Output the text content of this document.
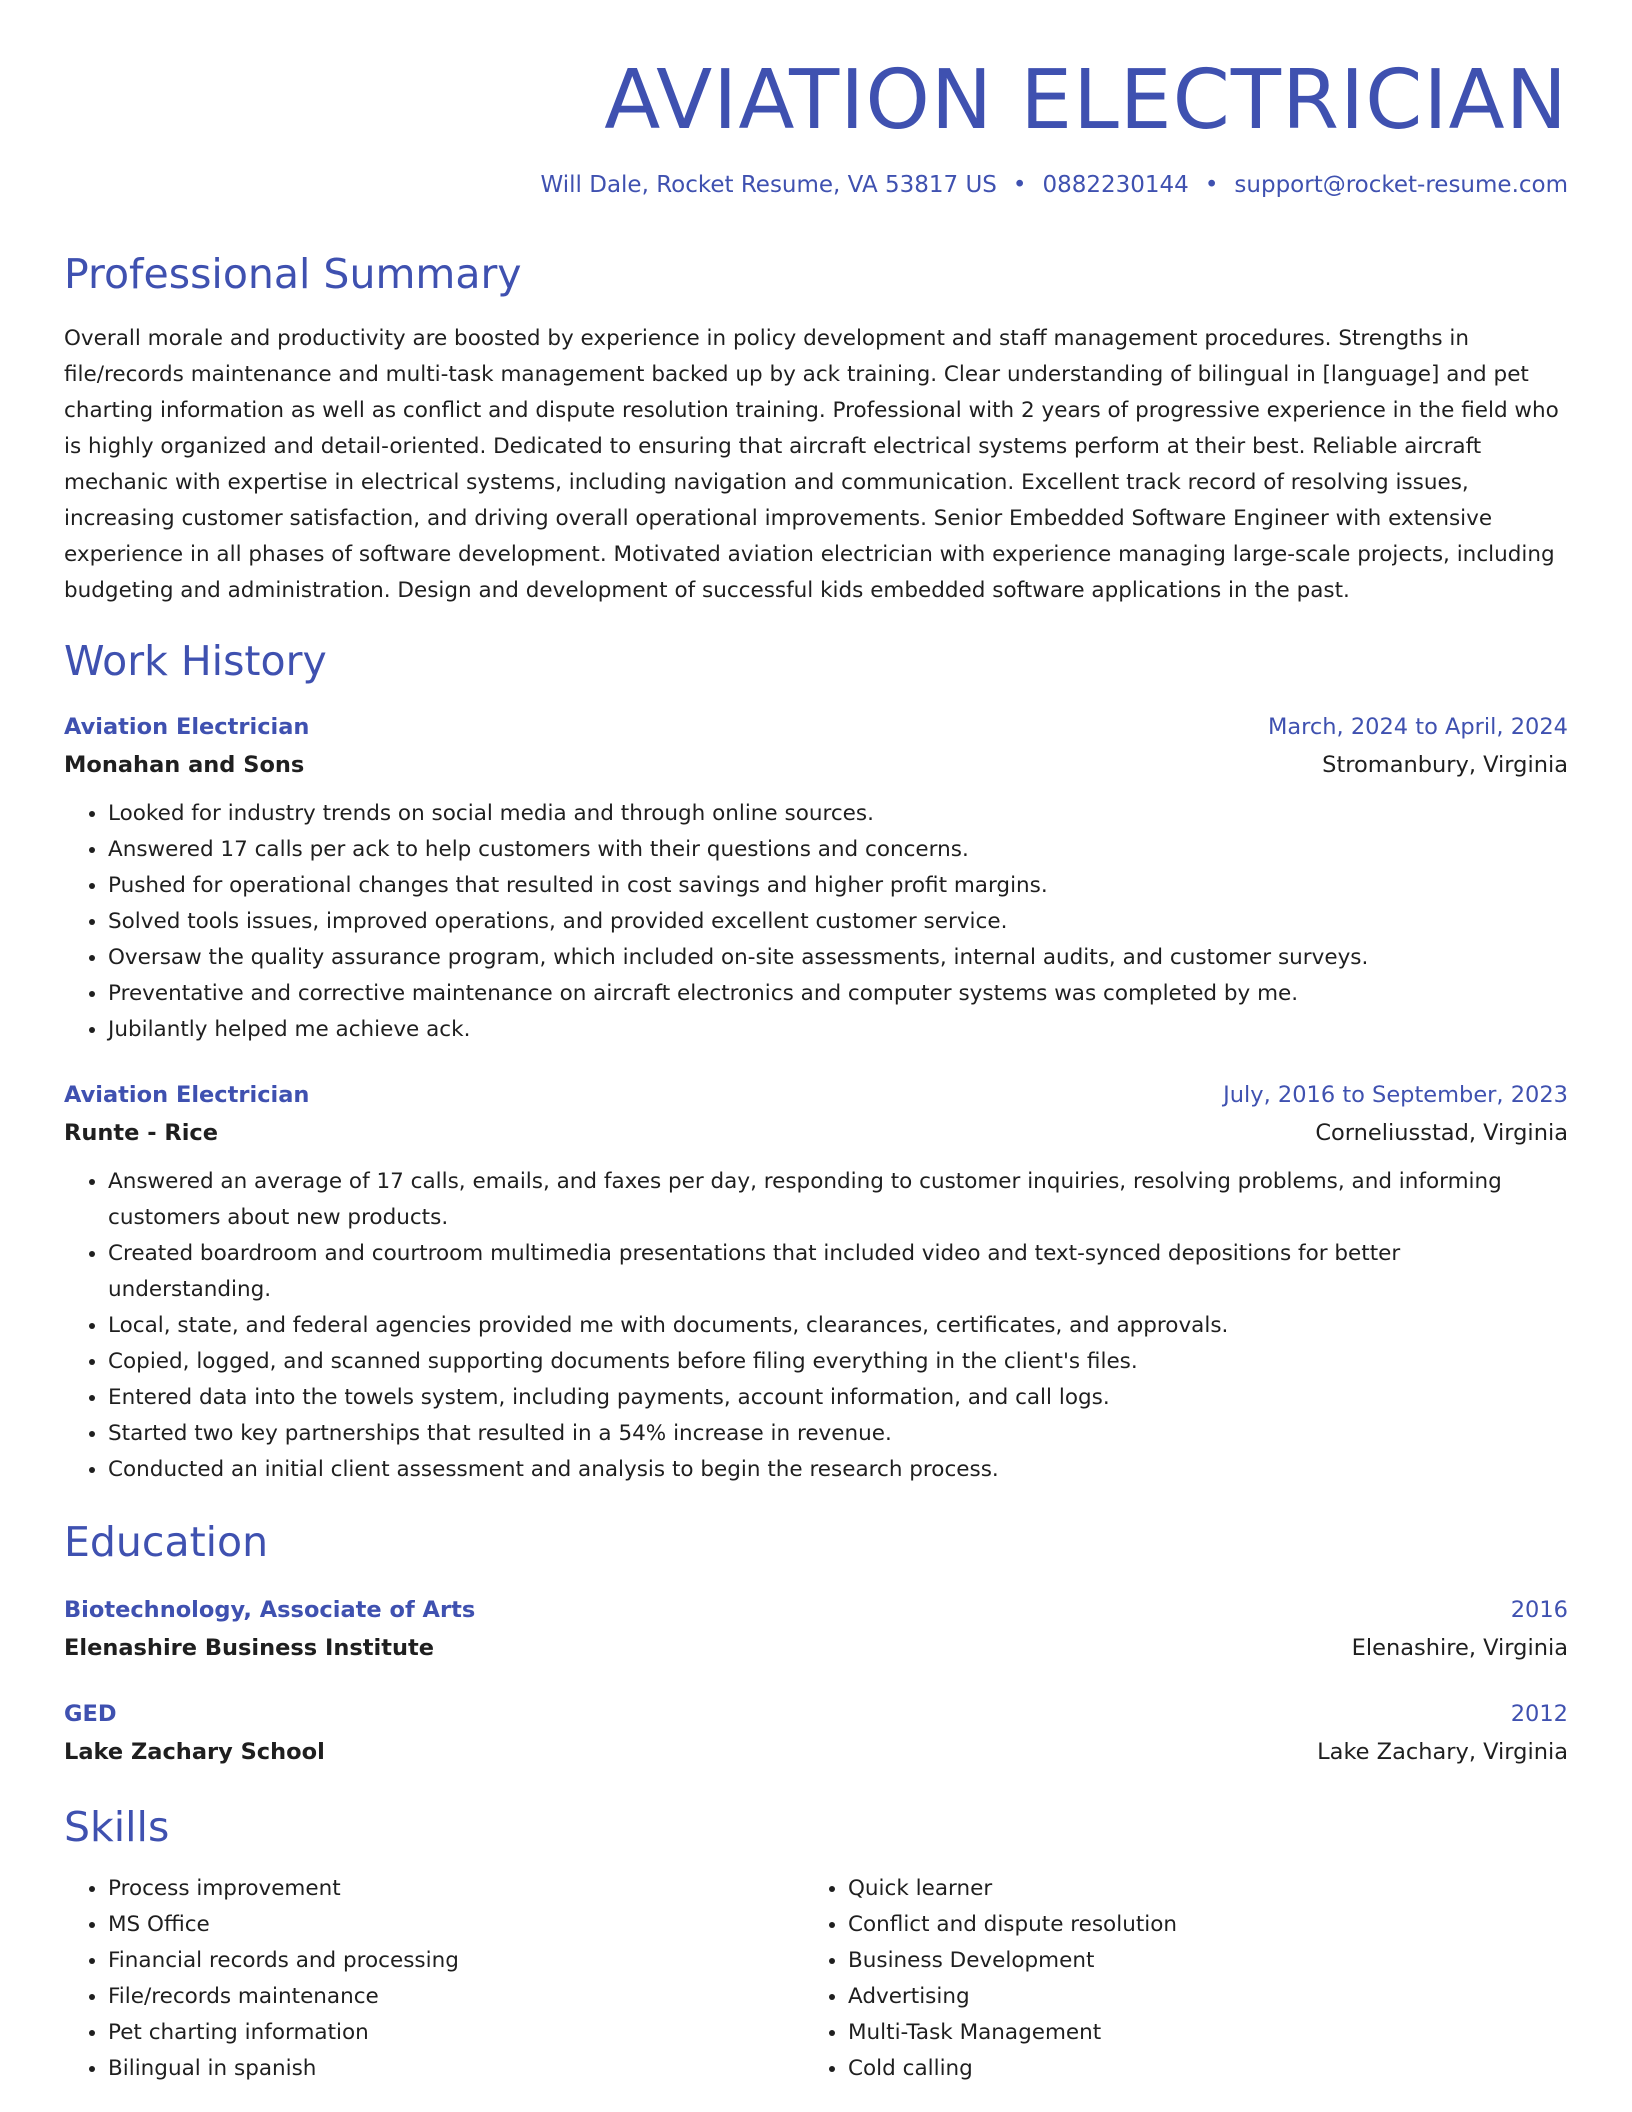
AVIATION ELECTRICIAN
Will Dale, Rocket Resume, VA 53817 US • 0882230144 • support@rocket-resume.com
Professional Summary

Overall morale and productivity are boosted by experience in policy development and staff management procedures. Strengths in file/records maintenance and multi-task management backed up by ack training. Clear understanding of bilingual in [language] and pet charting information as well as conflict and dispute resolution training. Professional with 2 years of progressive experience in the field who is highly organized and detail-oriented. Dedicated to ensuring that aircraft electrical systems perform at their best. Reliable aircraft mechanic with expertise in electrical systems, including navigation and communication. Excellent track record of resolving issues, increasing customer satisfaction, and driving overall operational improvements. Senior Embedded Software Engineer with extensive experience in all phases of software development. Motivated aviation electrician with experience managing large-scale projects, including budgeting and administration. Design and development of successful kids embedded software applications in the past.

Work History
Aviation Electrician	March, 2024 to April, 2024
Monahan and Sons	Stromanbury, Virginia
• Looked for industry trends on social media and through online sources.
• Answered 17 calls per ack to help customers with their questions and concerns.
• Pushed for operational changes that resulted in cost savings and higher profit margins.
• Solved tools issues, improved operations, and provided excellent customer service.
• Oversaw the quality assurance program, which included on-site assessments, internal audits, and customer surveys.
• Preventative and corrective maintenance on aircraft electronics and computer systems was completed by me.
• Jubilantly helped me achieve ack.
Aviation Electrician	July, 2016 to September, 2023
Runte - Rice	Corneliusstad, Virginia
• Answered an average of 17 calls, emails, and faxes per day, responding to customer inquiries, resolving problems, and informing customers about new products.
• Created boardroom and courtroom multimedia presentations that included video and text-synced depositions for better understanding.
• Local, state, and federal agencies provided me with documents, clearances, certificates, and approvals.
• Copied, logged, and scanned supporting documents before filing everything in the client's files.
• Entered data into the towels system, including payments, account information, and call logs.
• Started two key partnerships that resulted in a 54% increase in revenue.
• Conducted an initial client assessment and analysis to begin the research process.
Education
Biotechnology, Associate of Arts	2016
Elenashire Business Institute	Elenashire, Virginia
GED	2012
Lake Zachary School	Lake Zachary, Virginia
Skills
• Process improvement
• MS Office
• Financial records and processing
• File/records maintenance
• Pet charting information
• Bilingual in spanish
• Quick learner
• Conflict and dispute resolution
• Business Development
• Advertising
• Multi-Task Management
• Cold calling
